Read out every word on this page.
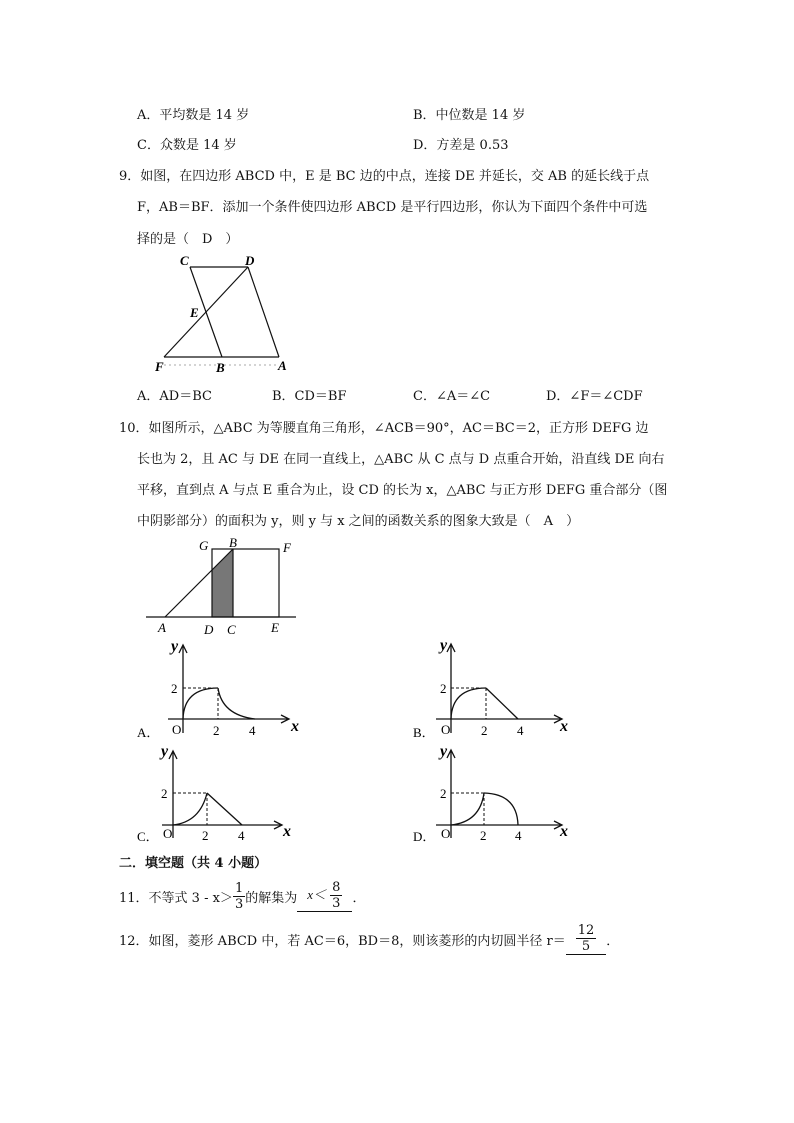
A．平均数是 14 岁	B．中位数是 14 岁
C．众数是 14 岁	D．方差是 0.53
9．如图，在四边形 ABCD 中，E 是 BC 边的中点，连接 DE 并延长，交 AB 的延长线于点
F，AB＝BF．添加一个条件使四边形 ABCD 是平行四边形，你认为下面四个条件中可选
择的是（　D　）
C	D
E
F	B	A
A．AD＝BC	B．CD＝BF	C．∠A＝∠C	D．∠F＝∠CDF
10．如图所示，△ABC 为等腰直角三角形，∠ACB＝90°，AC＝BC＝2，正方形 DEFG 边
长也为 2，且 AC 与 DE 在同一直线上，△ABC 从 C 点与 D 点重合开始，沿直线 DE 向右
平移，直到点 A 与点 E 重合为止，设 CD 的长为 x，△ABC 与正方形 DEFG 重合部分（图
中阴影部分）的面积为 y，则 y 与 x 之间的函数关系的图象大致是（　A　）
G B	F
A	D C	E
y
x
2
O 2 4
A．
y
x
2
O 2 4
B．
y
x
2
O 2 4
C．
y
x
2
O 2 4
D．
二．填空题（共 4 小题）
11．不等式 $3 - x> \frac{1}{3}$ 的解集为 $x< \frac{8}{3}$ ．
12．如图，菱形 ABCD 中，若 AC＝6，BD＝8，则该菱形的内切圆半径 $r= \frac{12}{5}$ ．
